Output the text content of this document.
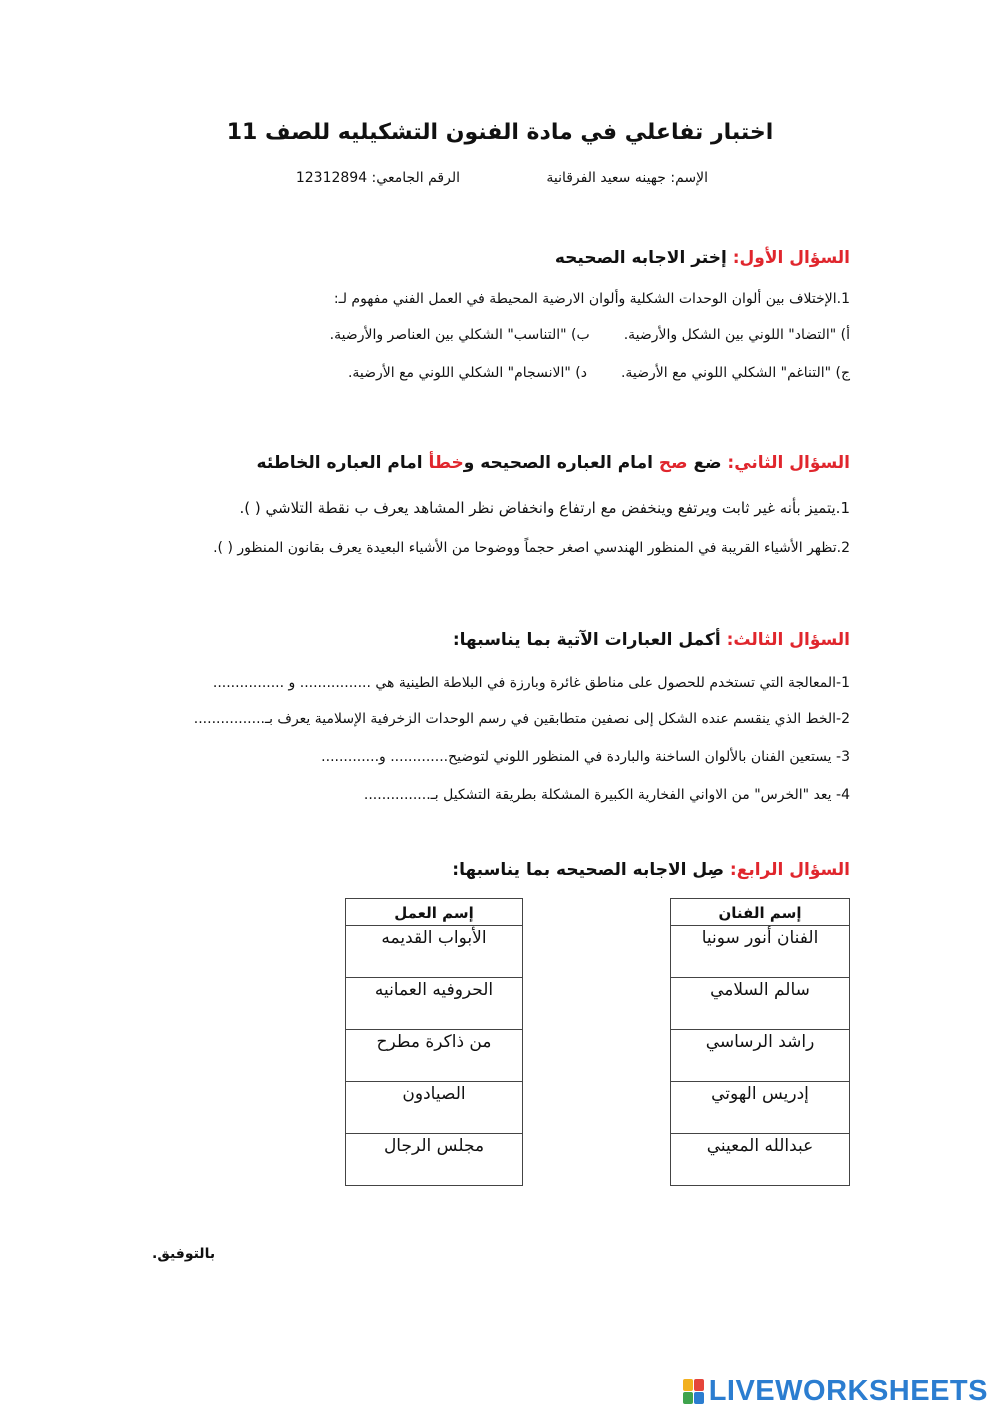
اختبار تفاعلي في مادة الفنون التشكيليه للصف 11
الإسم: جهينه سعيد الفرقانية
الرقم الجامعي: 12312894
السؤال الأول: إختر الاجابه الصحيحه
1.الإختلاف بين ألوان الوحدات الشكلية وألوان الارضية المحيطة في العمل الفني مفهوم لـ:
أ) "التضاد" اللوني بين الشكل والأرضية.ب) "التناسب" الشكلي بين العناصر والأرضية.
ج) "التناغم" الشكلي اللوني مع الأرضية.د) "الانسجام" الشكلي اللوني مع الأرضية.
السؤال الثاني: ضع صح امام العباره الصحيحه وخطأ امام العباره الخاطئه
1.يتميز بأنه غير ثابت ويرتفع وينخفض مع ارتفاع وانخفاض نظر المشاهد يعرف ب نقطة التلاشي ( ).
2.تظهر الأشياء القريبة في المنظور الهندسي اصغر حجماً ووضوحا من الأشياء البعيدة يعرف بقانون المنظور ( ).
السؤال الثالث: أكمل العبارات الآتية بما يناسبها:
1-المعالجة التي تستخدم للحصول على مناطق غائرة وبارزة في البلاطة الطينية هي ................ و ................
2-الخط الذي ينقسم عنده الشكل إلى نصفين متطابقين في رسم الوحدات الزخرفية الإسلامية يعرف بـ................
3- يستعين الفنان بالألوان الساخنة والباردة في المنظور اللوني لتوضيح............. و.............
4- يعد "الخرس" من الاواني الفخارية الكبيرة المشكلة بطريقة التشكيل بـ...............
السؤال الرابع: صِل الاجابه الصحيحه بما يناسبها:
إسم الفنان
الفنان أنور سونيا
سالم السلامي
راشد الرساسي
إدريس الهوتي
عبدالله المعيني
إسم العمل
الأبواب القديمه
الحروفيه العمانيه
من ذاكرة مطرح
الصيادون
مجلس الرجال
بالتوفيق.
LIVEWORKSHEETS
